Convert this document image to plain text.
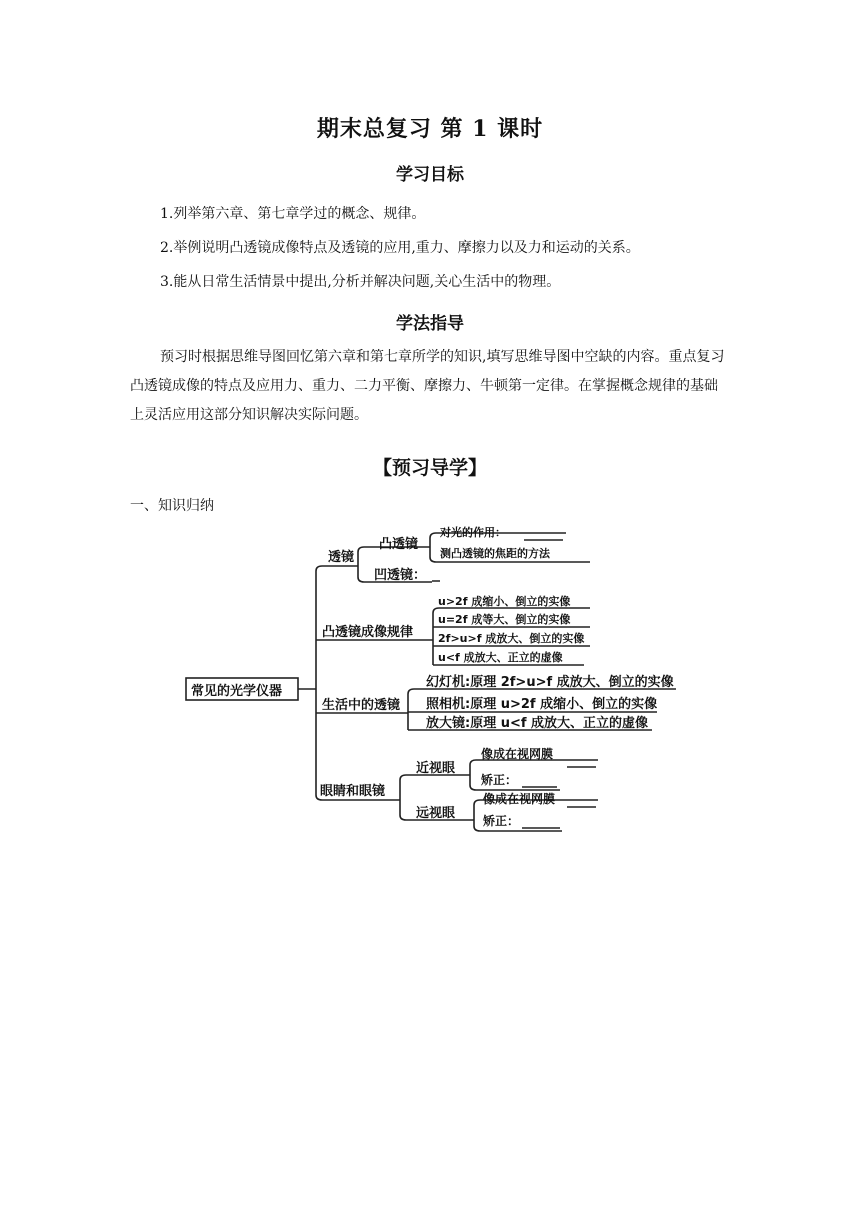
期末总复习 第 1 课时
学习目标
1.列举第六章、第七章学过的概念、规律。
2.举例说明凸透镜成像特点及透镜的应用,重力、摩擦力以及力和运动的关系。
3.能从日常生活情景中提出,分析并解决问题,关心生活中的物理。
学法指导
预习时根据思维导图回忆第六章和第七章所学的知识,填写思维导图中空缺的内容。重点复习凸透镜成像的特点及应用力、重力、二力平衡、摩擦力、牛顿第一定律。在掌握概念规律的基础上灵活应用这部分知识解决实际问题。
【预习导学】
一、知识归纳
常见的光学仪器
透镜
凸透镜
对光的作用：
测凸透镜的焦距的方法
凹透镜：
凸透镜成像规律
u>2f 成缩小、倒立的实像
u=2f 成等大、倒立的实像
2f>u>f 成放大、倒立的实像
u<f 成放大、正立的虚像
生活中的透镜
幻灯机:原理 2f>u>f 成放大、倒立的实像
照相机:原理 u>2f 成缩小、倒立的实像
放大镜:原理 u<f 成放大、正立的虚像
眼睛和眼镜
近视眼
像成在视网膜
矫正：
远视眼
像成在视网膜
矫正：
